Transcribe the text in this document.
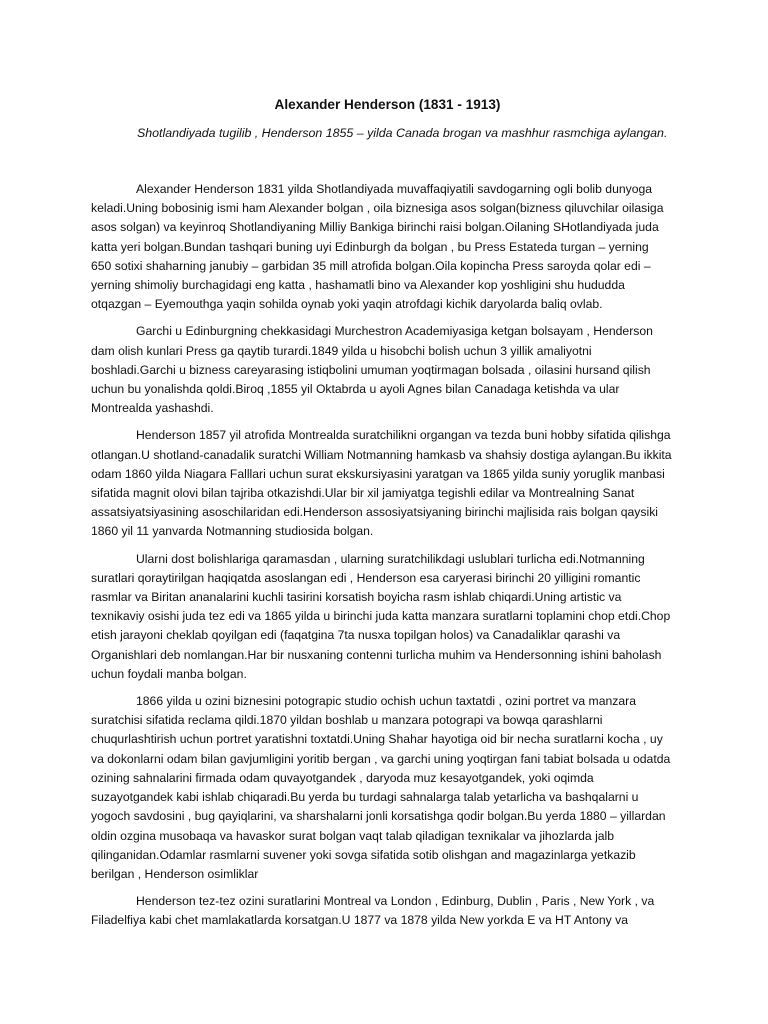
Alexander Henderson (1831 - 1913)
Shotlandiyada tugilib , Henderson 1855 – yilda Canada brogan va mashhur rasmchiga aylangan.

Alexander Henderson 1831 yilda Shotlandiyada muvaffaqiyatili savdogarning ogli bolib dunyoga keladi.Uning bobosinig ismi ham Alexander bolgan , oila biznesiga asos solgan(bizness qiluvchilar oilasiga asos solgan) va keyinroq Shotlandiyaning Milliy Bankiga birinchi raisi bolgan.Oilaning SHotlandiyada juda katta yeri bolgan.Bundan tashqari buning uyi Edinburgh da bolgan , bu Press Estateda turgan – yerning 650 sotixi shaharning janubiy – garbidan 35 mill atrofida bolgan.Oila kopincha Press saroyda qolar edi – yerning shimoliy burchagidagi eng katta , hashamatli bino va Alexander kop yoshligini shu hududda otqazgan – Eyemouthga yaqin sohilda oynab yoki yaqin atrofdagi kichik daryolarda baliq ovlab.

Garchi u Edinburgning chekkasidagi Murchestron Academiyasiga ketgan bolsayam , Henderson dam olish kunlari Press ga qaytib turardi.1849 yilda u hisobchi bolish uchun 3 yillik amaliyotni boshladi.Garchi u bizness careyarasing istiqbolini umuman yoqtirmagan bolsada , oilasini hursand qilish uchun bu yonalishda qoldi.Biroq ,1855 yil Oktabrda u ayoli Agnes bilan Canadaga ketishda va ular Montrealda yashashdi.

Henderson 1857 yil atrofida Montrealda suratchilikni organgan va tezda buni hobby sifatida qilishga otlangan.U shotland-canadalik suratchi William Notmanning hamkasb va shahsiy dostiga aylangan.Bu ikkita odam 1860 yilda Niagara Falllari uchun surat ekskursiyasini yaratgan va 1865 yilda suniy yoruglik manbasi sifatida magnit olovi bilan tajriba otkazishdi.Ular bir xil jamiyatga tegishli edilar va Montrealning Sanat assatsiyatsiyasining asoschilaridan edi.Henderson assosiyatsiyaning birinchi majlisida rais bolgan qaysiki 1860 yil 11 yanvarda Notmanning studiosida bolgan.

Ularni dost bolishlariga qaramasdan , ularning suratchilikdagi uslublari turlicha edi.Notmanning suratlari qoraytirilgan haqiqatda asoslangan edi , Henderson esa caryerasi birinchi 20 yilligini romantic rasmlar va Biritan ananalarini kuchli tasirini korsatish boyicha rasm ishlab chiqardi.Uning artistic va texnikaviy osishi juda tez edi va 1865 yilda u birinchi juda katta manzara suratlarni toplamini chop etdi.Chop etish jarayoni cheklab qoyilgan edi (faqatgina 7ta nusxa topilgan holos) va Canadaliklar qarashi va Organishlari deb nomlangan.Har bir nusxaning contenni turlicha muhim va Hendersonning ishini baholash uchun foydali manba bolgan.

1866 yilda u ozini biznesini potograpic studio ochish uchun taxtatdi , ozini portret va manzara suratchisi sifatida reclama qildi.1870 yildan boshlab u manzara potograpi va bowqa qarashlarni chuqurlashtirish uchun portret yaratishni toxtatdi.Uning Shahar hayotiga oid bir necha suratlarni kocha , uy va dokonlarni odam bilan gavjumligini yoritib bergan , va garchi uning yoqtirgan fani tabiat bolsada u odatda ozining sahnalarini firmada odam quvayotgandek , daryoda muz kesayotgandek, yoki oqimda suzayotgandek kabi ishlab chiqaradi.Bu yerda bu turdagi sahnalarga talab yetarlicha va bashqalarni u yogoch savdosini , bug qayiqlarini, va sharshalarni jonli korsatishga qodir bolgan.Bu yerda 1880 – yillardan oldin ozgina musobaqa va havaskor surat bolgan vaqt talab qiladigan texnikalar va jihozlarda jalb qilinganidan.Odamlar rasmlarni suvener yoki sovga sifatida sotib olishgan and magazinlarga yetkazib berilgan , Henderson osimliklar

Henderson tez-tez ozini suratlarini Montreal va London , Edinburg, Dublin , Paris , New York , va Filadelfiya kabi chet mamlakatlarda korsatgan.U 1877 va 1878 yilda New yorkda E va HT Antony va
